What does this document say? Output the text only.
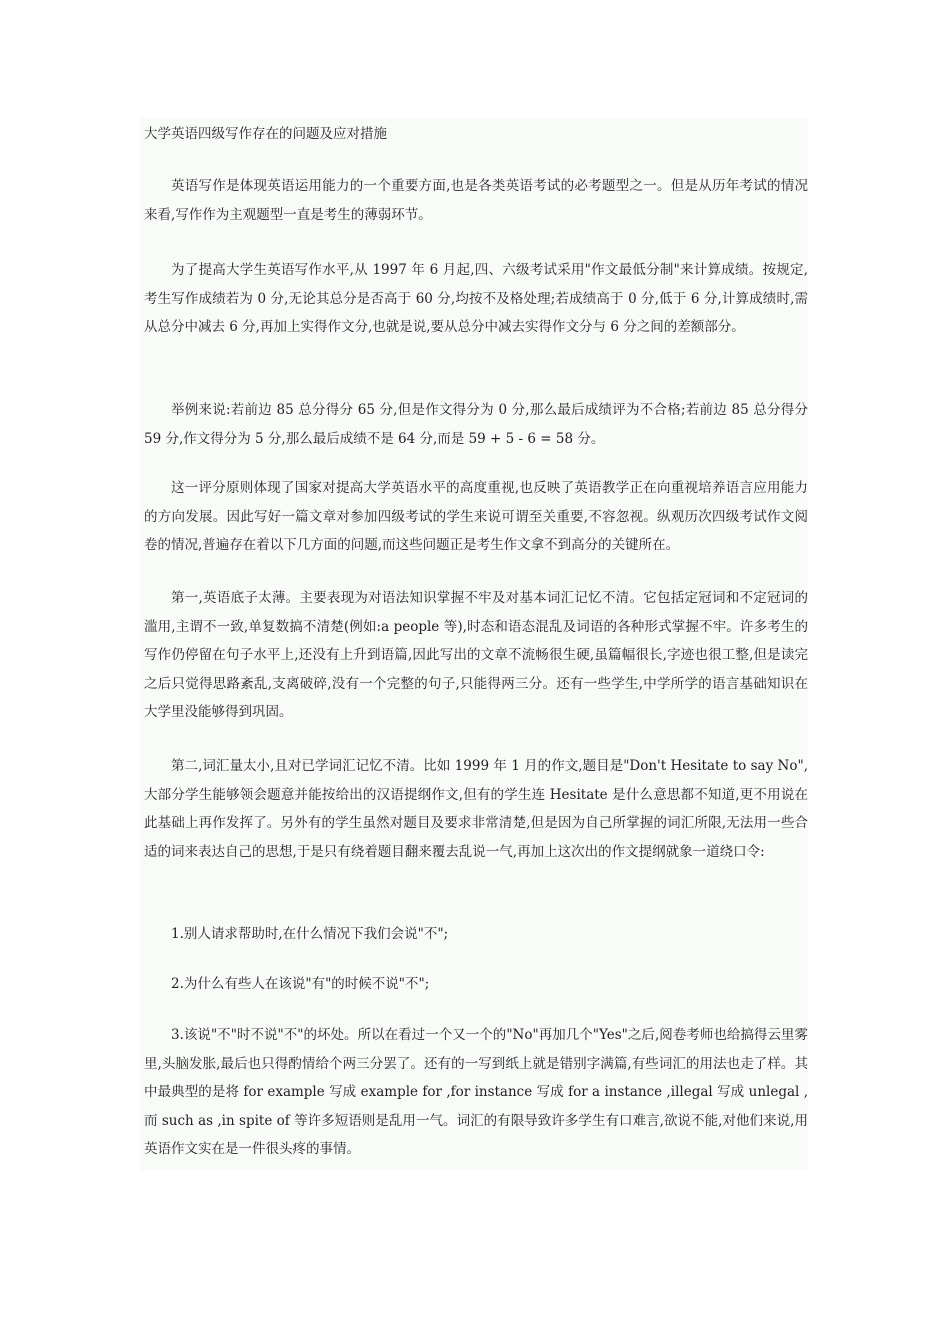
大学英语四级写作存在的问题及应对措施
英语写作是体现英语运用能力的一个重要方面,也是各类英语考试的必考题型之一。但是从历年考试的情况来看,写作作为主观题型一直是考生的薄弱环节。
为了提高大学生英语写作水平,从 1997 年 6 月起,四、六级考试采用"作文最低分制"来计算成绩。按规定,考生写作成绩若为 0 分,无论其总分是否高于 60 分,均按不及格处理;若成绩高于 0 分,低于 6 分,计算成绩时,需从总分中减去 6 分,再加上实得作文分,也就是说,要从总分中减去实得作文分与 6 分之间的差额部分。
举例来说:若前边 85 总分得分 65 分,但是作文得分为 0 分,那么最后成绩评为不合格;若前边 85 总分得分 59 分,作文得分为 5 分,那么最后成绩不是 64 分,而是 59 + 5 - 6 = 58 分。
这一评分原则体现了国家对提高大学英语水平的高度重视,也反映了英语教学正在向重视培养语言应用能力的方向发展。因此写好一篇文章对参加四级考试的学生来说可谓至关重要,不容忽视。纵观历次四级考试作文阅卷的情况,普遍存在着以下几方面的问题,而这些问题正是考生作文拿不到高分的关键所在。
第一,英语底子太薄。主要表现为对语法知识掌握不牢及对基本词汇记忆不清。它包括定冠词和不定冠词的滥用,主谓不一致,单复数搞不清楚(例如:a people 等),时态和语态混乱及词语的各种形式掌握不牢。许多考生的写作仍停留在句子水平上,还没有上升到语篇,因此写出的文章不流畅很生硬,虽篇幅很长,字迹也很工整,但是读完之后只觉得思路紊乱,支离破碎,没有一个完整的句子,只能得两三分。还有一些学生,中学所学的语言基础知识在大学里没能够得到巩固。
第二,词汇量太小,且对已学词汇记忆不清。比如 1999 年 1 月的作文,题目是"Don't Hesitate to say No",大部分学生能够领会题意并能按给出的汉语提纲作文,但有的学生连 Hesitate 是什么意思都不知道,更不用说在此基础上再作发挥了。另外有的学生虽然对题目及要求非常清楚,但是因为自己所掌握的词汇所限,无法用一些合适的词来表达自己的思想,于是只有绕着题目翻来覆去乱说一气,再加上这次出的作文提纲就象一道绕口令:
1.别人请求帮助时,在什么情况下我们会说"不";
2.为什么有些人在该说"有"的时候不说"不";
3.该说"不"时不说"不"的坏处。所以在看过一个又一个的"No"再加几个"Yes"之后,阅卷考师也给搞得云里雾里,头脑发胀,最后也只得酌情给个两三分罢了。还有的一写到纸上就是错别字满篇,有些词汇的用法也走了样。其中最典型的是将 for example 写成 example for ,for instance 写成 for a instance ,illegal 写成 unlegal ,而 such as ,in spite of 等许多短语则是乱用一气。词汇的有限导致许多学生有口难言,欲说不能,对他们来说,用英语作文实在是一件很头疼的事情。
